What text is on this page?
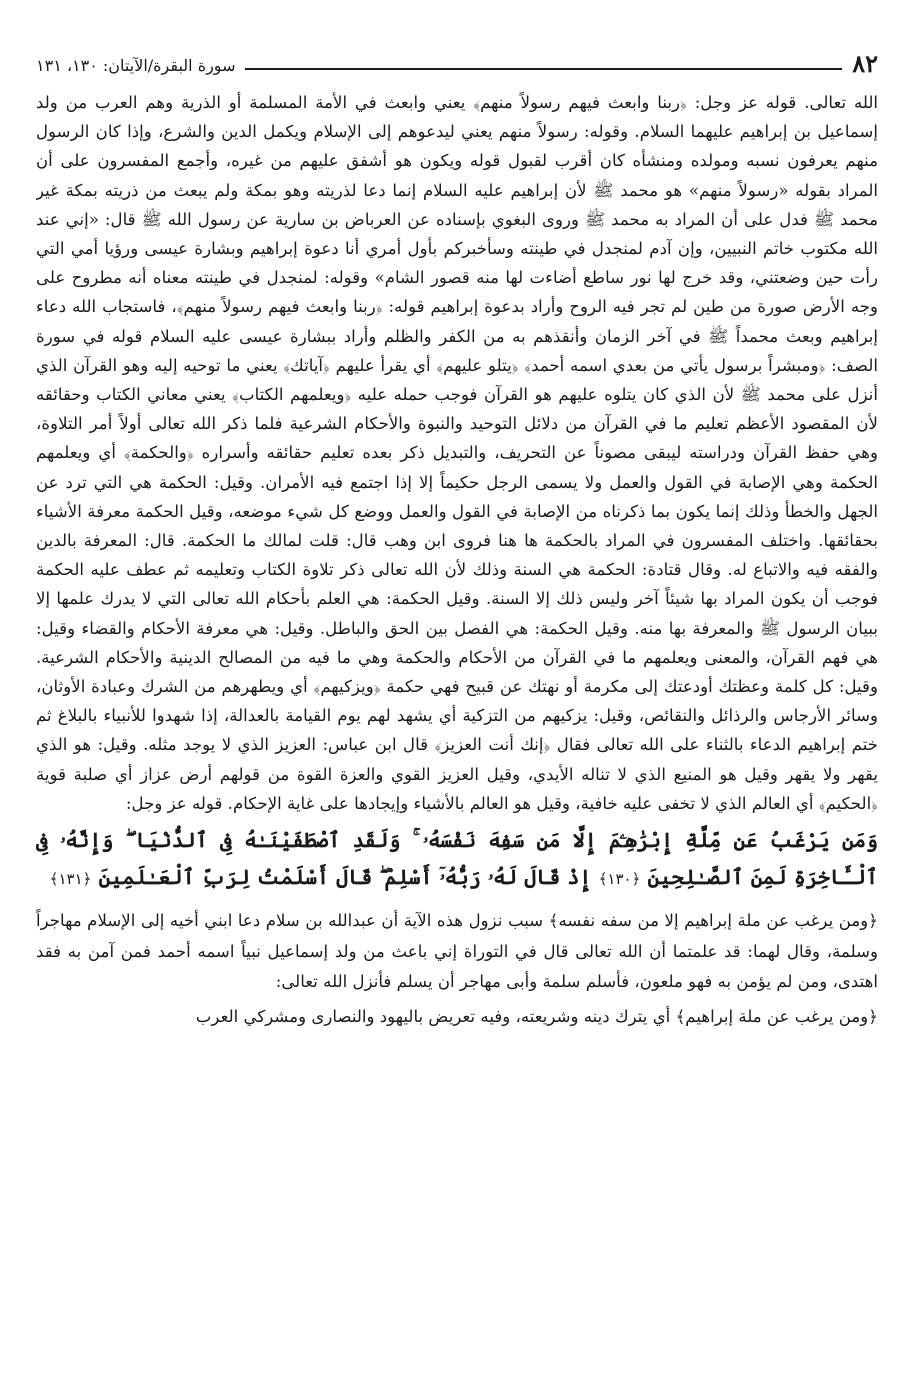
٨٢
سورة البقرة/الآيتان: ١٣٠، ١٣١

الله تعالى. قوله عز وجل: ﴿ربنا وابعث فيهم رسولاً منهم﴾ يعني وابعث في الأمة المسلمة أو الذرية وهم العرب من ولد إسماعيل بن إبراهيم عليهما السلام. وقوله: رسولاً منهم يعني ليدعوهم إلى الإسلام ويكمل الدين والشرع، وإذا كان الرسول منهم يعرفون نسبه ومولده ومنشأه كان أقرب لقبول قوله ويكون هو أشفق عليهم من غيره، وأجمع المفسرون على أن المراد بقوله «رسولاً منهم» هو محمد ﷺ لأن إبراهيم عليه السلام إنما دعا لذريته وهو بمكة ولم يبعث من ذريته بمكة غير محمد ﷺ فدل على أن المراد به محمد ﷺ وروى البغوي بإسناده عن العرباض بن سارية عن رسول الله ﷺ قال: «إني عند الله مكتوب خاتم النبيين، وإن آدم لمنجدل في طينته وسأخبركم بأول أمري أنا دعوة إبراهيم وبشارة عيسى ورؤيا أمي التي رأت حين وضعتني، وقد خرج لها نور ساطع أضاءت لها منه قصور الشام» وقوله: لمنجدل في طينته معناه أنه مطروح على وجه الأرض صورة من طين لم تجر فيه الروح وأراد بدعوة إبراهيم قوله: ﴿ربنا وابعث فيهم رسولاً منهم﴾، فاستجاب الله دعاء إبراهيم وبعث محمداً ﷺ في آخر الزمان وأنقذهم به من الكفر والظلم وأراد ببشارة عيسى عليه السلام قوله في سورة الصف: ﴿ومبشراً برسول يأتي من بعدي اسمه أحمد﴾ ﴿يتلو عليهم﴾ أي يقرأ عليهم ﴿آياتك﴾ يعني ما توحيه إليه وهو القرآن الذي أنزل على محمد ﷺ لأن الذي كان يتلوه عليهم هو القرآن فوجب حمله عليه ﴿ويعلمهم الكتاب﴾ يعني معاني الكتاب وحقائقه لأن المقصود الأعظم تعليم ما في القرآن من دلائل التوحيد والنبوة والأحكام الشرعية فلما ذكر الله تعالى أولاً أمر التلاوة، وهي حفظ القرآن ودراسته ليبقى مصوناً عن التحريف، والتبديل ذكر بعده تعليم حقائقه وأسراره ﴿والحكمة﴾ أي ويعلمهم الحكمة وهي الإصابة في القول والعمل ولا يسمى الرجل حكيماً إلا إذا اجتمع فيه الأمران. وقيل: الحكمة هي التي ترد عن الجهل والخطأ وذلك إنما يكون بما ذكرناه من الإصابة في القول والعمل ووضع كل شيء موضعه، وقيل الحكمة معرفة الأشياء بحقائقها. واختلف المفسرون في المراد بالحكمة ها هنا فروى ابن وهب قال: قلت لمالك ما الحكمة. قال: المعرفة بالدين والفقه فيه والاتباع له. وقال قتادة: الحكمة هي السنة وذلك لأن الله تعالى ذكر تلاوة الكتاب وتعليمه ثم عطف عليه الحكمة فوجب أن يكون المراد بها شيئاً آخر وليس ذلك إلا السنة. وقيل الحكمة: هي العلم بأحكام الله تعالى التي لا يدرك علمها إلا ببيان الرسول ﷺ والمعرفة بها منه. وقيل الحكمة: هي الفصل بين الحق والباطل. وقيل: هي معرفة الأحكام والقضاء وقيل: هي فهم القرآن، والمعنى ويعلمهم ما في القرآن من الأحكام والحكمة وهي ما فيه من المصالح الدينية والأحكام الشرعية. وقيل: كل كلمة وعظتك أودعتك إلى مكرمة أو نهتك عن قبيح فهي حكمة ﴿ويزكيهم﴾ أي ويطهرهم من الشرك وعبادة الأوثان، وسائر الأرجاس والرذائل والنقائص، وقيل: يزكيهم من التزكية أي يشهد لهم يوم القيامة بالعدالة، إذا شهدوا للأنبياء بالبلاغ ثم ختم إبراهيم الدعاء بالثناء على الله تعالى فقال ﴿إنك أنت العزيز﴾ قال ابن عباس: العزيز الذي لا يوجد مثله. وقيل: هو الذي يقهر ولا يقهر وقيل هو المنيع الذي لا تناله الأيدي، وقيل العزيز القوي والعزة القوة من قولهم أرض عزاز أي صلبة قوية ﴿الحكيم﴾ أي العالم الذي لا تخفى عليه خافية، وقيل هو العالم بالأشياء وإيجادها على غاية الإحكام. قوله عز وجل:

وَمَن يَرْغَبُ عَن مِّلَّةِ إِبْرَٰهِـۧمَ إِلَّا مَن سَفِهَ نَفْسَهُۥ ۚ وَلَقَدِ ٱصْطَفَيْنَـٰهُ فِى ٱلدُّنْيَا ۖ وَإِنَّهُۥ فِى ٱلْـَٔاخِرَةِ لَمِنَ ٱلصَّـٰلِحِينَ ﴿١٣٠﴾ إِذْ قَالَ لَهُۥ رَبُّهُۥٓ أَسْلِمْ ۖ قَالَ أَسْلَمْتُ لِرَبِّ ٱلْعَـٰلَمِينَ ﴿١٣١﴾

﴿ومن يرغب عن ملة إبراهيم إلا من سفه نفسه﴾ سبب نزول هذه الآية أن عبدالله بن سلام دعا ابني أخيه إلى الإسلام مهاجراً وسلمة، وقال لهما: قد علمتما أن الله تعالى قال في التوراة إني باعث من ولد إسماعيل نبياً اسمه أحمد فمن آمن به فقد اهتدى، ومن لم يؤمن به فهو ملعون، فأسلم سلمة وأبى مهاجر أن يسلم فأنزل الله تعالى:

﴿ومن يرغب عن ملة إبراهيم﴾ أي يترك دينه وشريعته، وفيه تعريض باليهود والنصارى ومشركي العرب
